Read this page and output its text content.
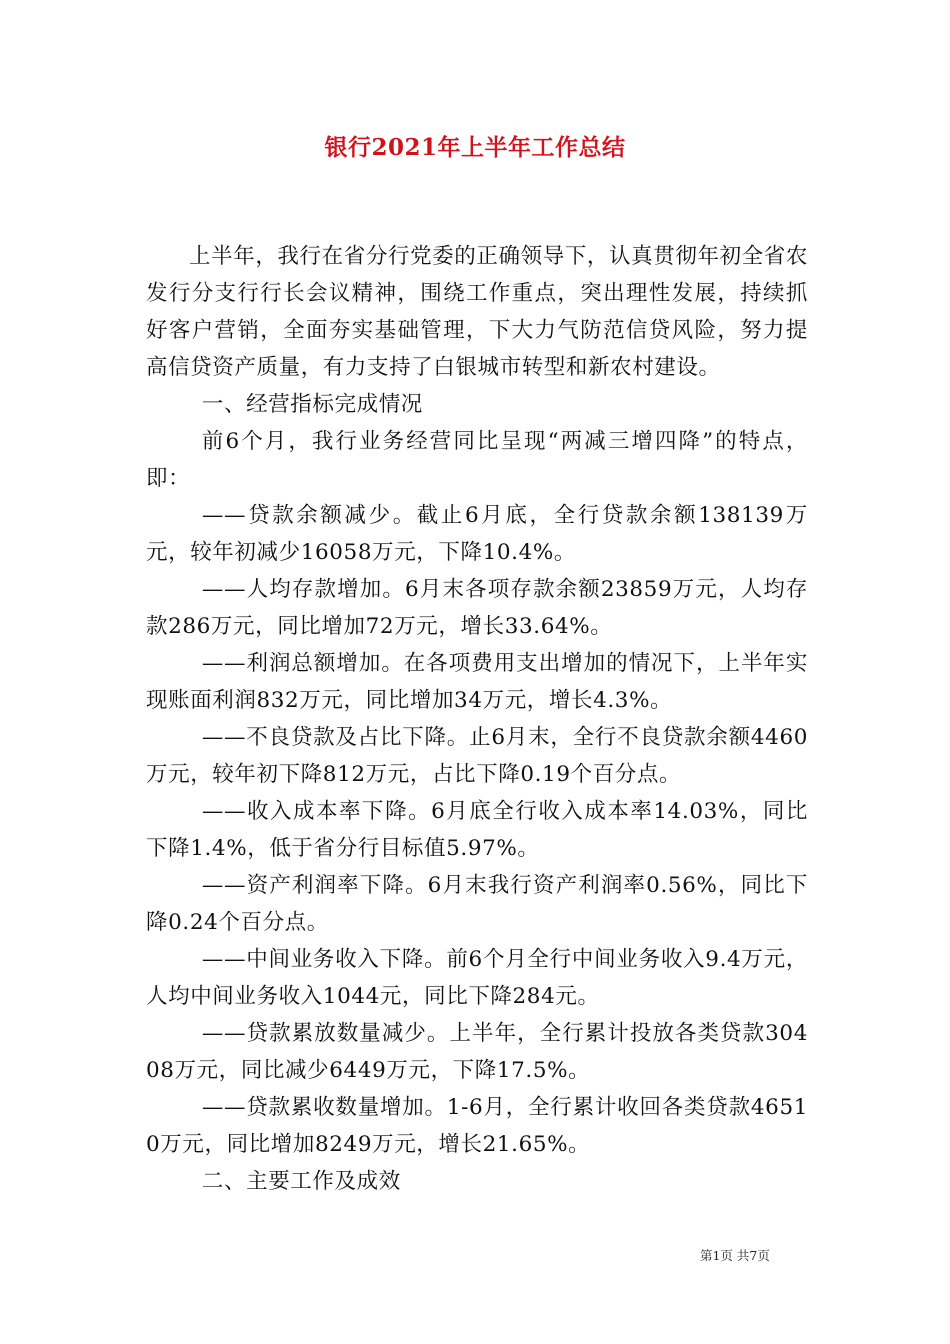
银行2021年上半年工作总结

上半年，我行在省分行党委的正确领导下，认真贯彻年初全省农发行分支行行长会议精神，围绕工作重点，突出理性发展，持续抓好客户营销，全面夯实基础管理，下大力气防范信贷风险，努力提高信贷资产质量，有力支持了白银城市转型和新农村建设。

一、经营指标完成情况

前6个月，我行业务经营同比呈现“两减三增四降”的特点，即：

——贷款余额减少。截止6月底，全行贷款余额138139万元，较年初减少16058万元，下降10.4%。

——人均存款增加。6月末各项存款余额23859万元，人均存款286万元，同比增加72万元，增长33.64%。

——利润总额增加。在各项费用支出增加的情况下，上半年实现账面利润832万元，同比增加34万元，增长4.3%。

——不良贷款及占比下降。止6月末，全行不良贷款余额4460万元，较年初下降812万元，占比下降0.19个百分点。

——收入成本率下降。6月底全行收入成本率14.03%，同比下降1.4%，低于省分行目标值5.97%。

——资产利润率下降。6月末我行资产利润率0.56%，同比下降0.24个百分点。

——中间业务收入下降。前6个月全行中间业务收入9.4万元，人均中间业务收入1044元，同比下降284元。

——贷款累放数量减少。上半年，全行累计投放各类贷款30408万元，同比减少6449万元，下降17.5%。

——贷款累收数量增加。1-6月，全行累计收回各类贷款46510万元，同比增加8249万元，增长21.65%。

二、主要工作及成效

第1页 共7页
